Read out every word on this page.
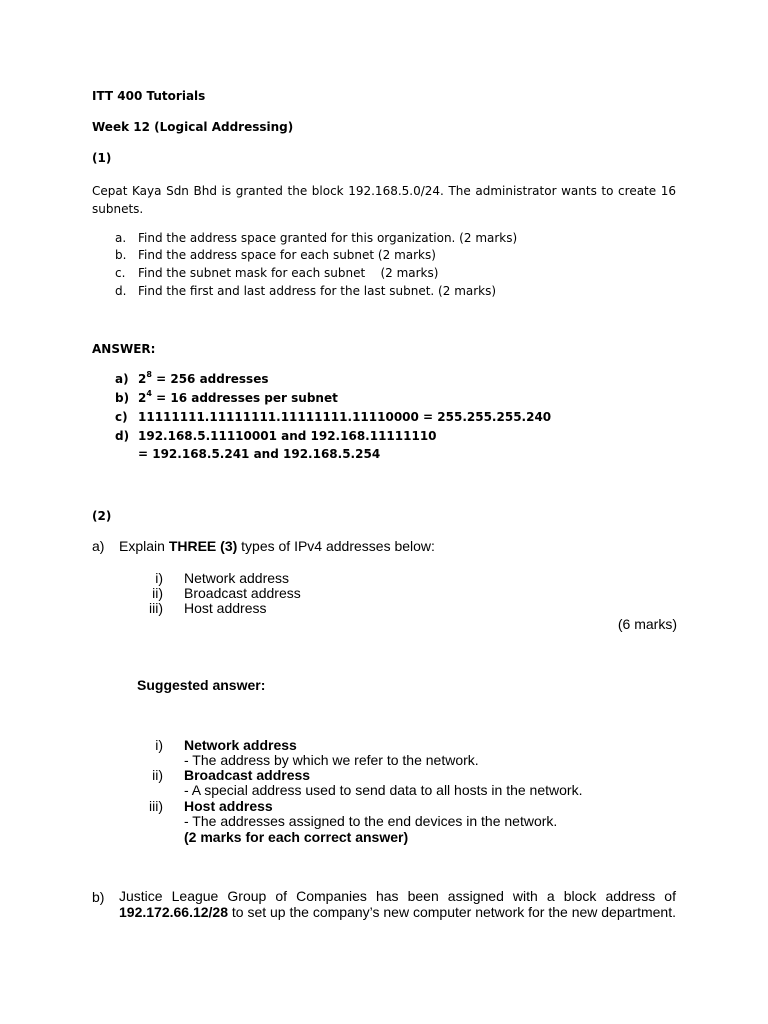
ITT 400 Tutorials
Week 12 (Logical Addressing)
(1)
Cepat Kaya Sdn Bhd is granted the block 192.168.5.0/24. The administrator wants to create 16 subnets.
a. Find the address space granted for this organization. (2 marks)
b. Find the address space for each subnet (2 marks)
c. Find the subnet mask for each subnet    (2 marks)
d. Find the first and last address for the last subnet. (2 marks)
ANSWER:
a) $2^8 = 256$ addresses
b) $2^4 = 16$ addresses per subnet
c) 11111111.11111111.11111111.11110000 = 255.255.255.240
d) 192.168.5.11110001 and 192.168.11111110
= 192.168.5.241 and 192.168.5.254
(2)
a) Explain THREE (3) types of IPv4 addresses below:
i) Network address
ii) Broadcast address
iii) Host address
(6 marks)
Suggested answer:
i) Network address
- The address by which we refer to the network.
ii) Broadcast address
- A special address used to send data to all hosts in the network.
iii) Host address
- The addresses assigned to the end devices in the network.
(2 marks for each correct answer)
b) Justice League Group of Companies has been assigned with a block address of 192.172.66.12/28 to set up the company’s new computer network for the new department.
